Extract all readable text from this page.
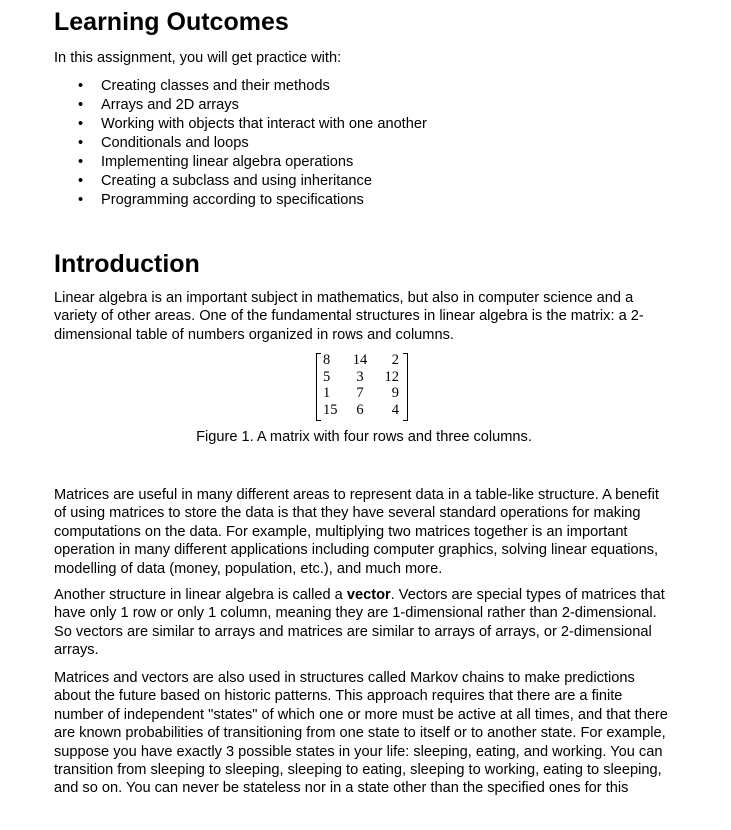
Learning Outcomes

In this assignment, you will get practice with:

• Creating classes and their methods
• Arrays and 2D arrays
• Working with objects that interact with one another
• Conditionals and loops
• Implementing linear algebra operations
• Creating a subclass and using inheritance
• Programming according to specifications
Introduction

Linear algebra is an important subject in mathematics, but also in computer science and a variety of other areas. One of the fundamental structures in linear algebra is the matrix: a 2-dimensional table of numbers organized in rows and columns.

8	14	2
5	3	12
1	7	9
15	6	4
Figure 1. A matrix with four rows and three columns.

Matrices are useful in many different areas to represent data in a table-like structure. A benefit of using matrices to store the data is that they have several standard operations for making computations on the data. For example, multiplying two matrices together is an important operation in many different applications including computer graphics, solving linear equations, modelling of data (money, population, etc.), and much more.

Another structure in linear algebra is called a vector. Vectors are special types of matrices that have only 1 row or only 1 column, meaning they are 1-dimensional rather than 2-dimensional. So vectors are similar to arrays and matrices are similar to arrays of arrays, or 2-dimensional arrays.

Matrices and vectors are also used in structures called Markov chains to make predictions about the future based on historic patterns. This approach requires that there are a finite number of independent "states" of which one or more must be active at all times, and that there are known probabilities of transitioning from one state to itself or to another state. For example, suppose you have exactly 3 possible states in your life: sleeping, eating, and working. You can transition from sleeping to sleeping, sleeping to eating, sleeping to working, eating to sleeping, and so on. You can never be stateless nor in a state other than the specified ones for this
